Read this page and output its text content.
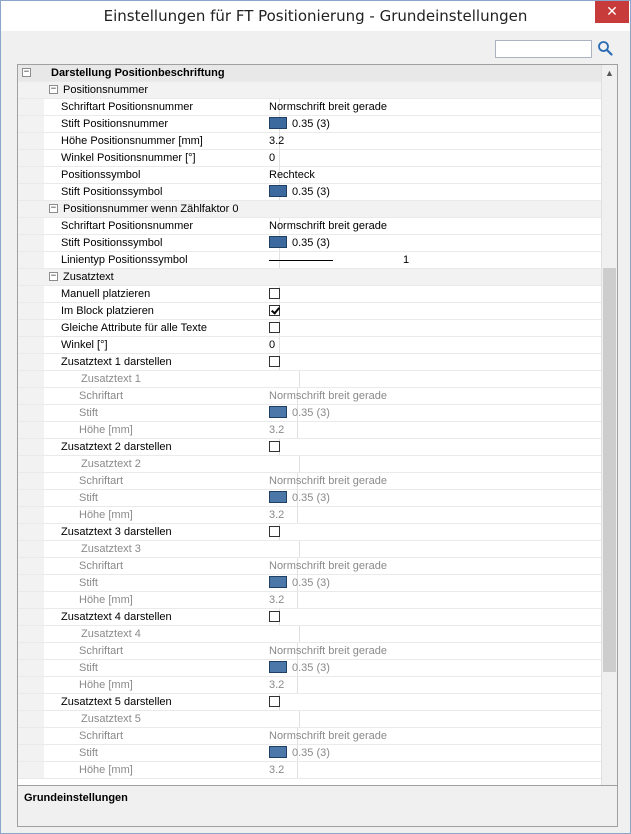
Einstellungen für FT Positionierung - Grundeinstellungen	✕
−	Darstellung Positionbeschriftung
− Positionsnummer
Schriftart Positionsnummer	Normschrift breit gerade
Stift Positionsnummer	0.35 (3)
Höhe Positionsnummer [mm]	3.2
Winkel Positionsnummer [°]	0
Positionssymbol	Rechteck
Stift Positionssymbol	0.35 (3)
− Positionsnummer wenn Zählfaktor 0
Schriftart Positionsnummer	Normschrift breit gerade
Stift Positionssymbol	0.35 (3)
Linientyp Positionssymbol	1
− Zusatztext
Manuell platzieren
Im Block platzieren
Gleiche Attribute für alle Texte
Winkel [°]	0
Zusatztext 1 darstellen
Zusatztext 1
Schriftart	Normschrift breit gerade
Stift	0.35 (3)
Höhe [mm]	3.2
Zusatztext 2 darstellen
Zusatztext 2
Schriftart	Normschrift breit gerade
Stift	0.35 (3)
Höhe [mm]	3.2
Zusatztext 3 darstellen
Zusatztext 3
Schriftart	Normschrift breit gerade
Stift	0.35 (3)
Höhe [mm]	3.2
Zusatztext 4 darstellen
Zusatztext 4
Schriftart	Normschrift breit gerade
Stift	0.35 (3)
Höhe [mm]	3.2
Zusatztext 5 darstellen
Zusatztext 5
Schriftart	Normschrift breit gerade
Stift	0.35 (3)
Höhe [mm]	3.2
▲
Grundeinstellungen
